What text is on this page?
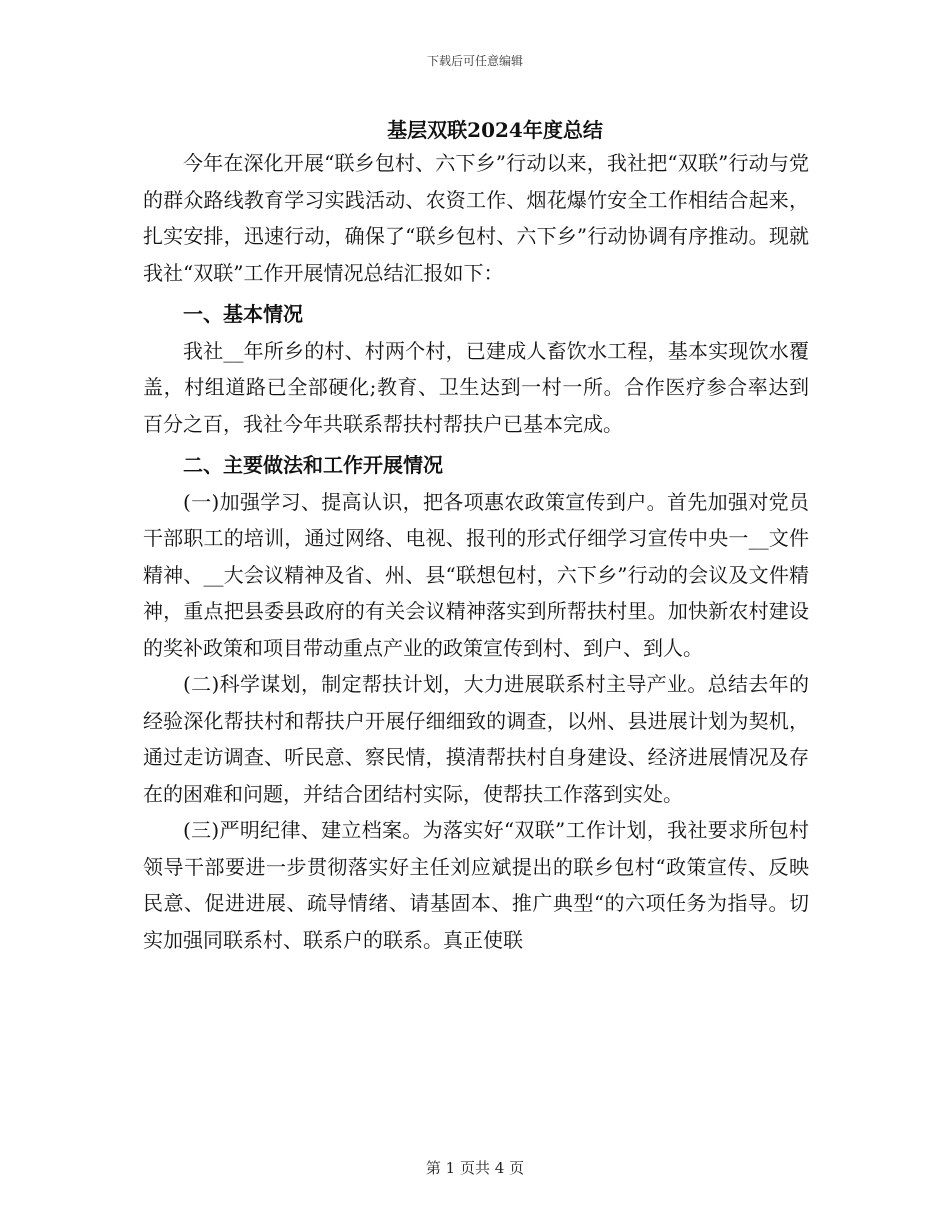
下载后可任意编辑
基层双联2024年度总结

今年在深化开展“联乡包村、六下乡”行动以来，我社把“双联”行动与党的群众路线教育学习实践活动、农资工作、烟花爆竹安全工作相结合起来，扎实安排，迅速行动，确保了“联乡包村、六下乡”行动协调有序推动。现就我社“双联”工作开展情况总结汇报如下：

一、基本情况

我社__年所乡的村、村两个村，已建成人畜饮水工程，基本实现饮水覆盖，村组道路已全部硬化;教育、卫生达到一村一所。合作医疗参合率达到百分之百，我社今年共联系帮扶村帮扶户已基本完成。

二、主要做法和工作开展情况

(一)加强学习、提高认识，把各项惠农政策宣传到户。首先加强对党员干部职工的培训，通过网络、电视、报刊的形式仔细学习宣传中央一__文件精神、__大会议精神及省、州、县“联想包村，六下乡”行动的会议及文件精神，重点把县委县政府的有关会议精神落实到所帮扶村里。加快新农村建设的奖补政策和项目带动重点产业的政策宣传到村、到户、到人。

(二)科学谋划，制定帮扶计划，大力进展联系村主导产业。总结去年的经验深化帮扶村和帮扶户开展仔细细致的调查，以州、县进展计划为契机，通过走访调查、听民意、察民情，摸清帮扶村自身建设、经济进展情况及存在的困难和问题，并结合团结村实际，使帮扶工作落到实处。

(三)严明纪律、建立档案。为落实好“双联”工作计划，我社要求所包村领导干部要进一步贯彻落实好主任刘应斌提出的联乡包村“政策宣传、反映民意、促进进展、疏导情绪、请基固本、推广典型“的六项任务为指导。切实加强同联系村、联系户的联系。真正使联

第 1 页共 4 页
